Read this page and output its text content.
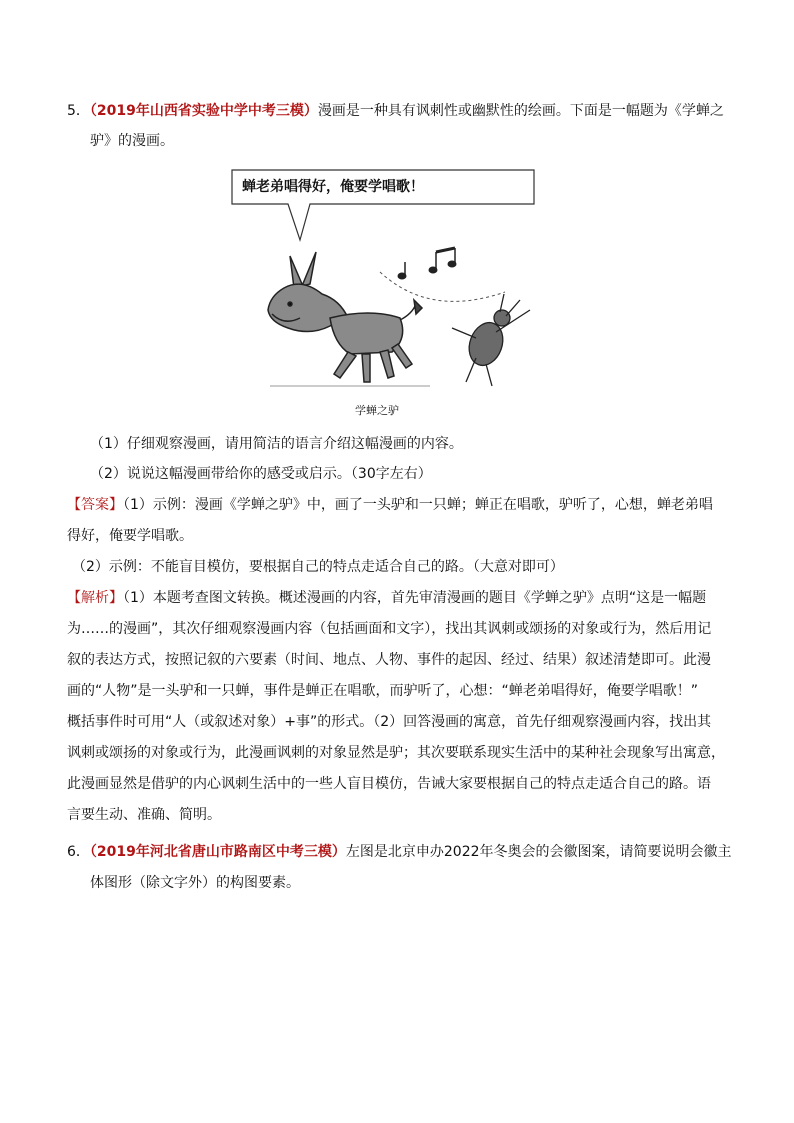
5．（2019年山西省实验中学中考三模）漫画是一种具有讽刺性或幽默性的绘画。下面是一幅题为《学蝉之
驴》的漫画。
蝉老弟唱得好，俺要学唱歌！
学蝉之驴
（1）仔细观察漫画，请用简洁的语言介绍这幅漫画的内容。
（2）说说这幅漫画带给你的感受或启示。（30字左右）
【答案】（1）示例：漫画《学蝉之驴》中，画了一头驴和一只蝉；蝉正在唱歌，驴听了，心想，蝉老弟唱
得好，俺要学唱歌。
（2）示例：不能盲目模仿，要根据自己的特点走适合自己的路。（大意对即可）
【解析】（1）本题考查图文转换。概述漫画的内容，首先审清漫画的题目《学蝉之驴》点明“这是一幅题
为……的漫画”，其次仔细观察漫画内容（包括画面和文字），找出其讽刺或颂扬的对象或行为，然后用记
叙的表达方式，按照记叙的六要素（时间、地点、人物、事件的起因、经过、结果）叙述清楚即可。此漫
画的“人物”是一头驴和一只蝉，事件是蝉正在唱歌，而驴听了，心想：“蝉老弟唱得好，俺要学唱歌！”
概括事件时可用“人（或叙述对象）+事”的形式。（2）回答漫画的寓意，首先仔细观察漫画内容，找出其
讽刺或颂扬的对象或行为，此漫画讽刺的对象显然是驴；其次要联系现实生活中的某种社会现象写出寓意，
此漫画显然是借驴的内心讽刺生活中的一些人盲目模仿，告诫大家要根据自己的特点走适合自己的路。语
言要生动、准确、简明。
6．（2019年河北省唐山市路南区中考三模）左图是北京申办2022年冬奥会的会徽图案，请简要说明会徽主
体图形（除文字外）的构图要素。
